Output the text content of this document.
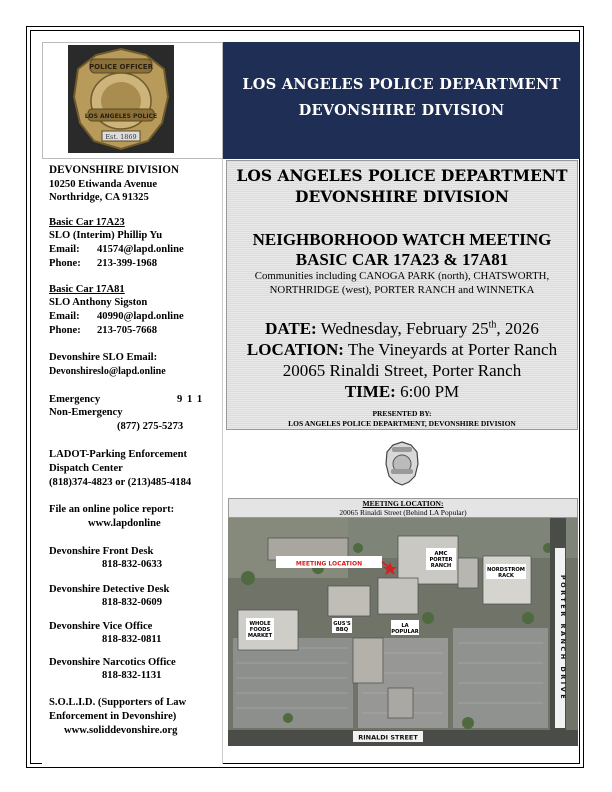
POLICE OFFICER
LOS ANGELES POLICE
Est. 1869
LOS ANGELES POLICE DEPARTMENT
DEVONSHIRE DIVISION
DEVONSHIRE DIVISION
10250 Etiwanda Avenue
Northridge, CA 91325
Basic Car 17A23
SLO (Interim) Phillip Yu
Email: 41574@lapd.online
Phone: 213-399-1968
Basic Car 17A81
SLO Anthony Sigston
Email: 40990@lapd.online
Phone: 213-705-7668
Devonshire SLO Email:
Devonshireslo@lapd.online
Emergency	9 1 1
Non-Emergency
(877) 275-5273
LADOT-Parking Enforcement
Dispatch Center
(818)374-4823 or (213)485-4184
File an online police report:
www.lapdonline
Devonshire Front Desk
818-832-0633
Devonshire Detective Desk
818-832-0609
Devonshire Vice Office
818-832-0811
Devonshire Narcotics Office
818-832-1131
S.O.L.I.D. (Supporters of Law
Enforcement in Devonshire)
www.soliddevonshire.org
LOS ANGELES POLICE DEPARTMENT
DEVONSHIRE DIVISION
NEIGHBORHOOD WATCH MEETING
BASIC CAR 17A23 & 17A81
Communities including CANOGA PARK (north), CHATSWORTH,
NORTHRIDGE (west), PORTER RANCH and WINNETKA
DATE: Wednesday, February 25th, 2026
LOCATION: The Vineyards at Porter Ranch
20065 Rinaldi Street, Porter Ranch
TIME: 6:00 PM
PRESENTED BY:
LOS ANGELES POLICE DEPARTMENT, DEVONSHIRE DIVISION
MEETING LOCATION:
20065 Rinaldi Street (Behind LA Popular)
MEETING LOCATION
AMC
PORTER
RANCH
NORDSTROM
RACK
GUS'S
BBQ
LA
POPULAR
WHOLE
FOODS
MARKET
RINALDI STREET
PORTER RANCH DRIVE
